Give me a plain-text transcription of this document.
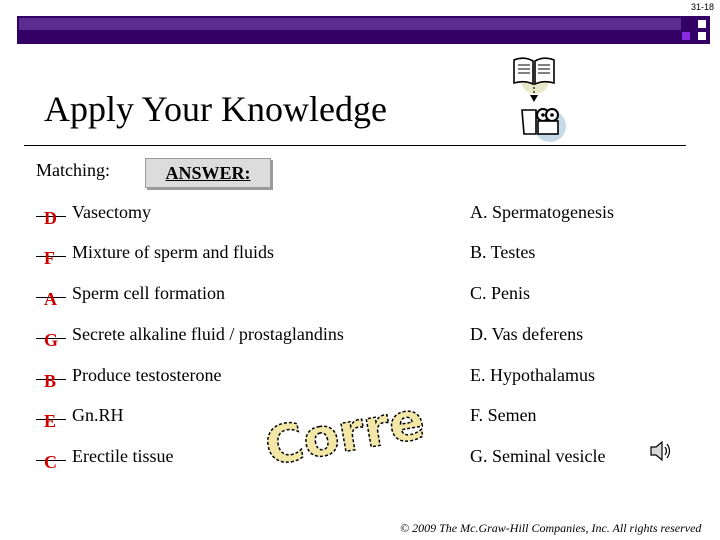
31-18
Apply Your Knowledge
Matching:	ANSWER:
D Vasectomy
F Mixture of sperm and fluids
A Sperm cell formation
G Secrete alkaline fluid / prostaglandins
B Produce testosterone
E Gn.RH
C Erectile tissue
A. Spermatogenesis
B. Testes
C. Penis
D. Vas deferens
E. Hypothalamus
F. Semen
G. Seminal vesicle
Correct!
© 2009 The Mc.Graw-Hill Companies, Inc. All rights reserved
